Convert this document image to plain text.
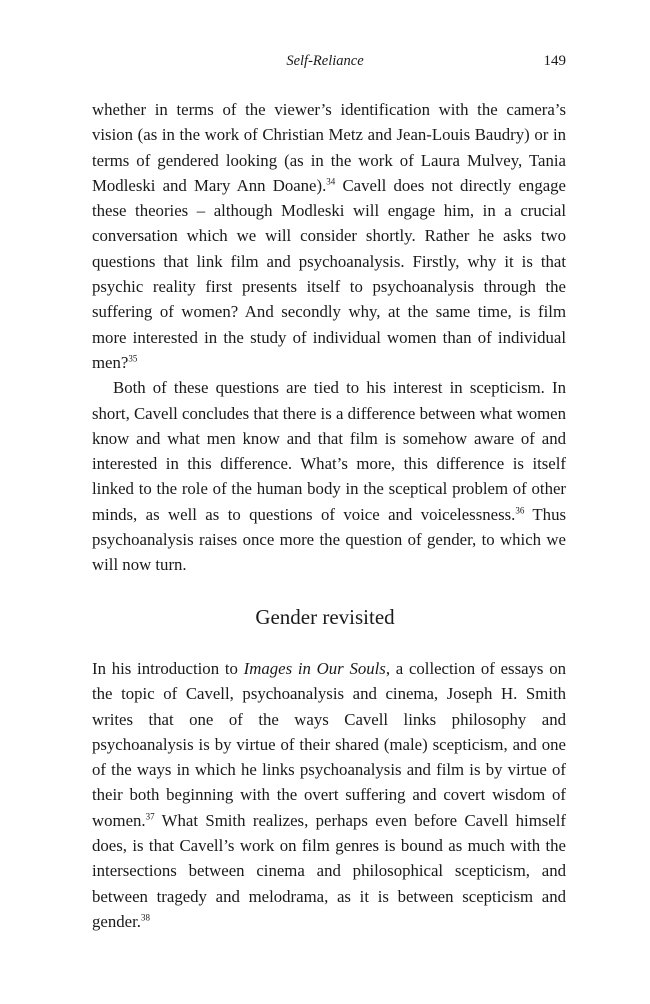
Self-Reliance	149

whether in terms of the viewer’s identification with the camera’s vision (as in the work of Christian Metz and Jean-Louis Baudry) or in terms of gendered looking (as in the work of Laura Mulvey, Tania Modleski and Mary Ann Doane).$^{34}$ Cavell does not directly engage these theories – although Modleski will engage him, in a crucial conversation which we will consider shortly. Rather he asks two questions that link film and psychoanalysis. Firstly, why it is that psychic reality first presents itself to psychoanalysis through the suffering of women? And secondly why, at the same time, is film more interested in the study of individual women than of individual men?$^{35}$

Both of these questions are tied to his interest in scepticism. In short, Cavell concludes that there is a difference between what women know and what men know and that film is somehow aware of and interested in this difference. What’s more, this difference is itself linked to the role of the human body in the sceptical problem of other minds, as well as to questions of voice and voicelessness.$^{36}$ Thus psychoanalysis raises once more the question of gender, to which we will now turn.

Gender revisited

In his introduction to Images in Our Souls, a collection of essays on the topic of Cavell, psychoanalysis and cinema, Joseph H. Smith writes that one of the ways Cavell links philosophy and psychoanalysis is by virtue of their shared (male) scepticism, and one of the ways in which he links psychoanalysis and film is by virtue of their both beginning with the overt suffering and covert wisdom of women.$^{37}$ What Smith realizes, perhaps even before Cavell himself does, is that Cavell’s work on film genres is bound as much with the intersections between cinema and philosophical scepticism, and between tragedy and melodrama, as it is between scepticism and gender.$^{38}$
